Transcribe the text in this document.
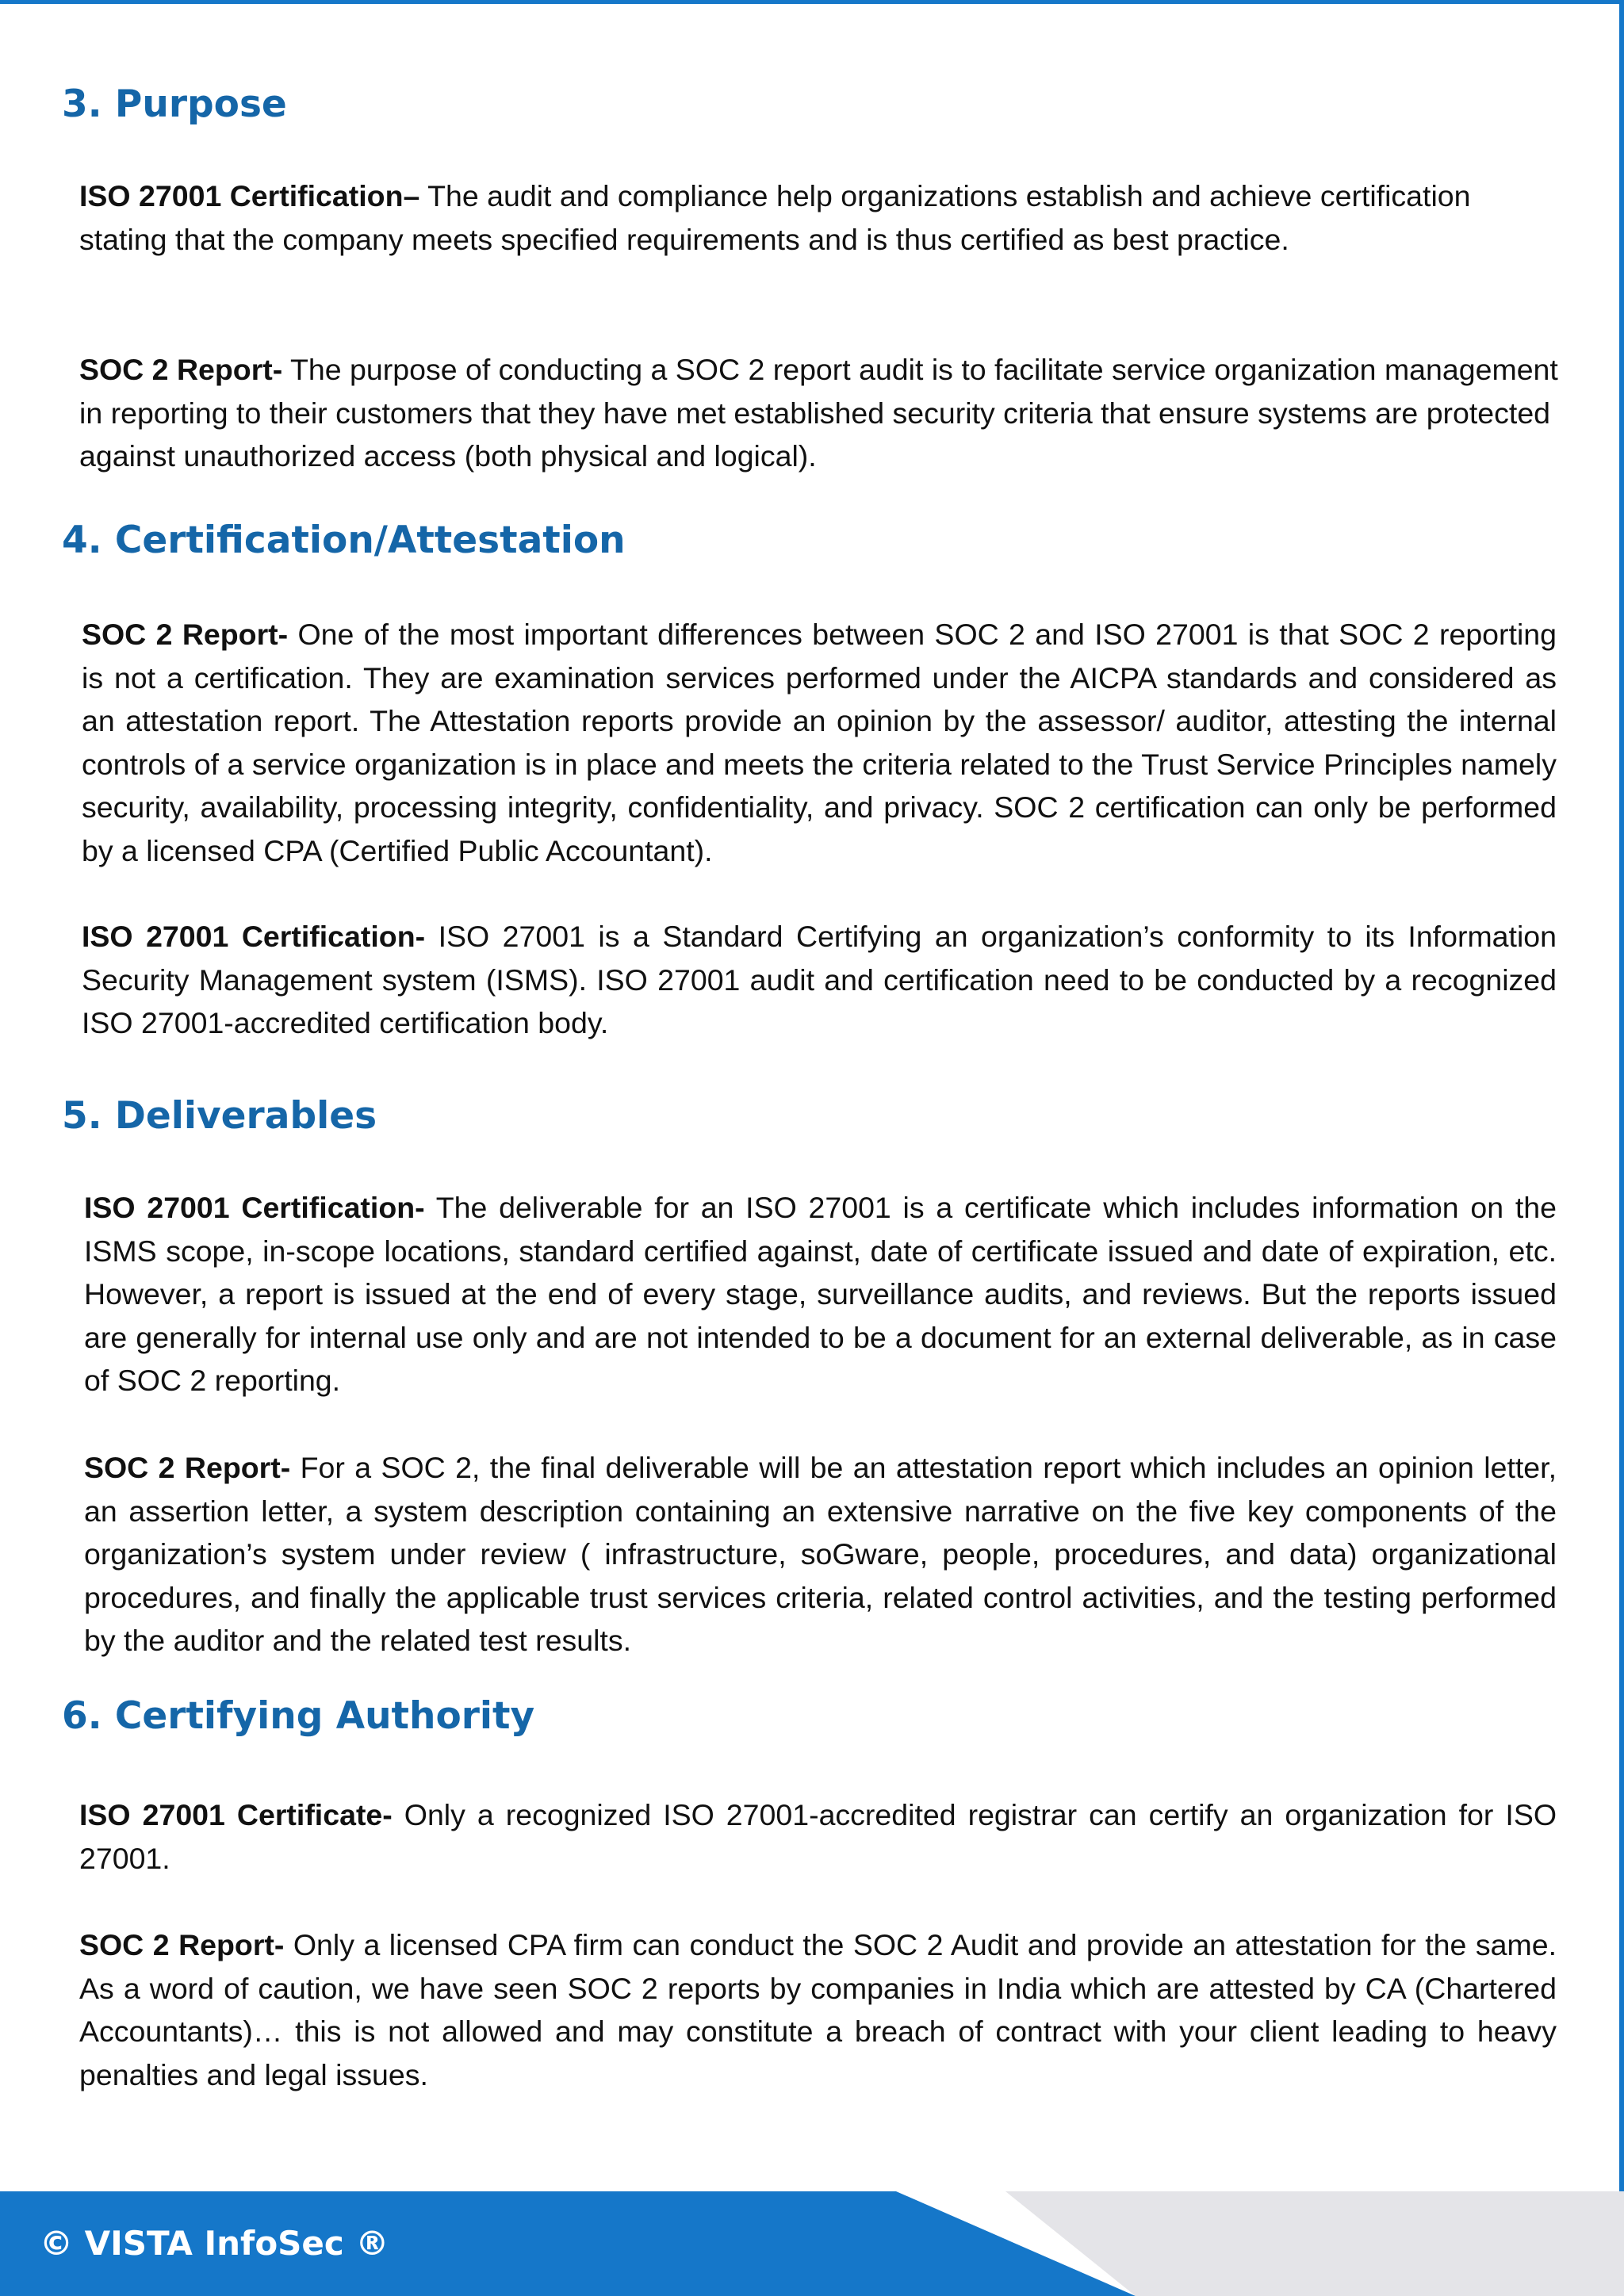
3. Purpose

ISO 27001 Certification– The audit and compliance help organizations establish and achieve certification stating that the company meets specified requirements and is thus certified as best practice.

SOC 2 Report- The purpose of conducting a SOC 2 report audit is to facilitate service organization management in reporting to their customers that they have met established security criteria that ensure systems are protected against unauthorized access (both physical and logical).

4. Certification/Attestation

SOC 2 Report- One of the most important differences between SOC 2 and ISO 27001 is that SOC 2 reporting is not a certification. They are examination services performed under the AICPA standards and considered as an attestation report. The Attestation reports provide an opinion by the assessor/ auditor, attesting the internal controls of a service organization is in place and meets the criteria related to the Trust Service Principles namely security, availability, processing integrity, confidentiality, and privacy. SOC 2 certification can only be performed by a licensed CPA (Certified Public Accountant).

ISO 27001 Certification- ISO 27001 is a Standard Certifying an organization’s conformity to its Information Security Management system (ISMS). ISO 27001 audit and certification need to be conducted by a recognized ISO 27001-accredited certification body.

5. Deliverables

ISO 27001 Certification- The deliverable for an ISO 27001 is a certificate which includes information on the ISMS scope, in-scope locations, standard certified against, date of certificate issued and date of expiration, etc. However, a report is issued at the end of every stage, surveillance audits, and reviews. But the reports issued are generally for internal use only and are not intended to be a document for an external deliverable, as in case of SOC 2 reporting.

SOC 2 Report- For a SOC 2, the final deliverable will be an attestation report which includes an opinion letter, an assertion letter, a system description containing an extensive narrative on the five key components of the organization’s system under review ( infrastructure, soGware, people, procedures, and data) organizational procedures, and finally the applicable trust services criteria, related control activities, and the testing performed by the auditor and the related test results.

6. Certifying Authority

ISO 27001 Certificate- Only a recognized ISO 27001-accredited registrar can certify an organization for ISO 27001.

SOC 2 Report- Only a licensed CPA firm can conduct the SOC 2 Audit and provide an attestation for the same. As a word of caution, we have seen SOC 2 reports by companies in India which are attested by CA (Chartered Accountants)… this is not allowed and may constitute a breach of contract with your client leading to heavy penalties and legal issues.

© VISTA InfoSec ®
